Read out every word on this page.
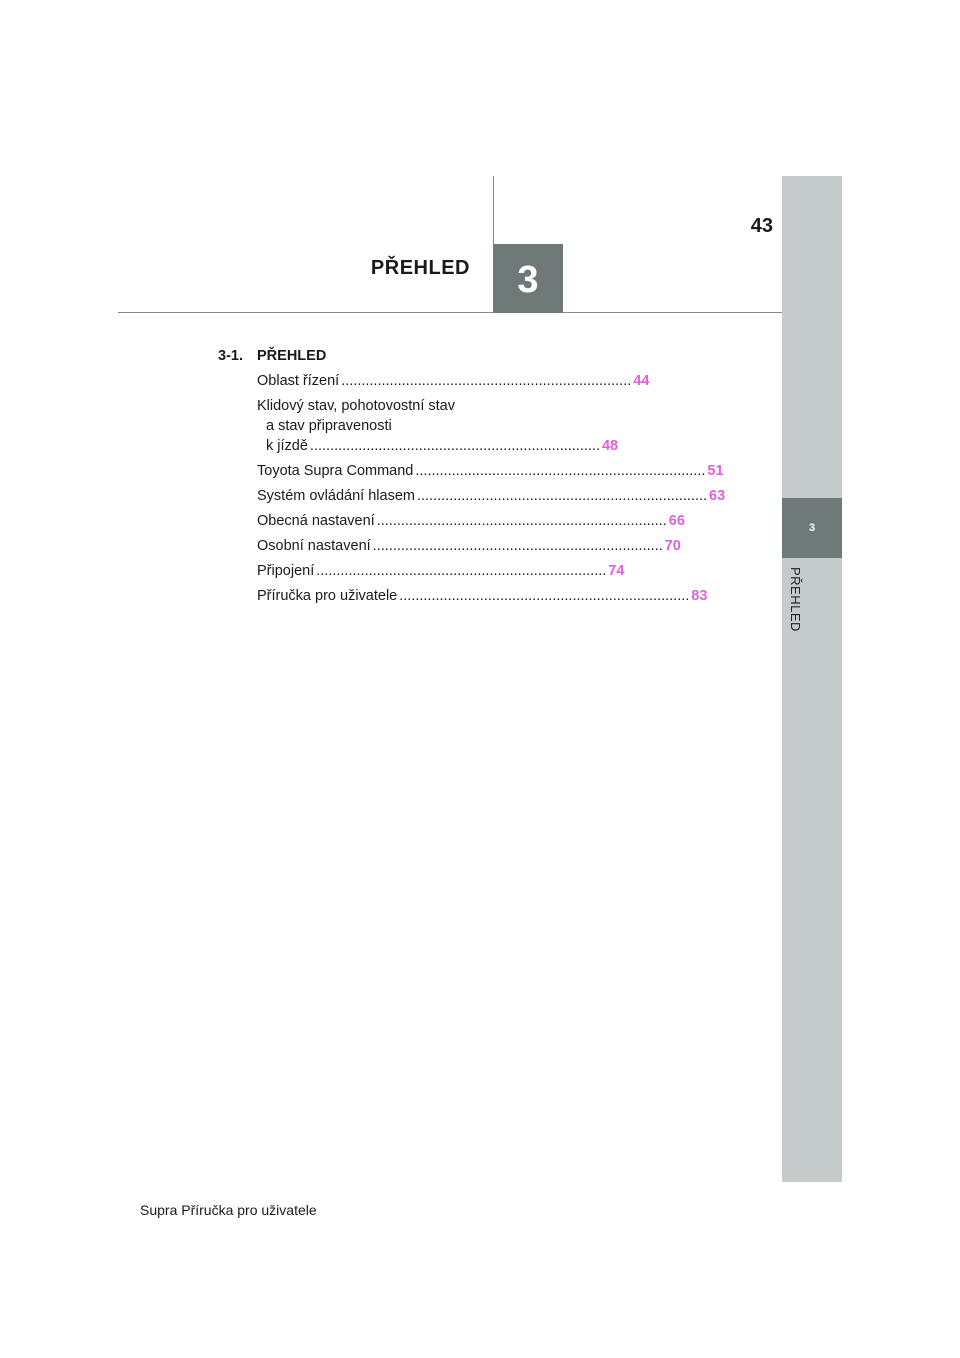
3
PŘEHLED
3
PŘEHLED
43
3-1. PŘEHLED
Oblast řízení ........................................................................ 44
Klidový stav, pohotovostní stav
a stav připravenosti
k jízdě ........................................................................ 48
Toyota Supra Command ........................................................................ 51
Systém ovládání hlasem ........................................................................ 63
Obecná nastavení ........................................................................ 66
Osobní nastavení ........................................................................ 70
Připojení ........................................................................ 74
Příručka pro uživatele ........................................................................ 83
Supra Příručka pro uživatele
